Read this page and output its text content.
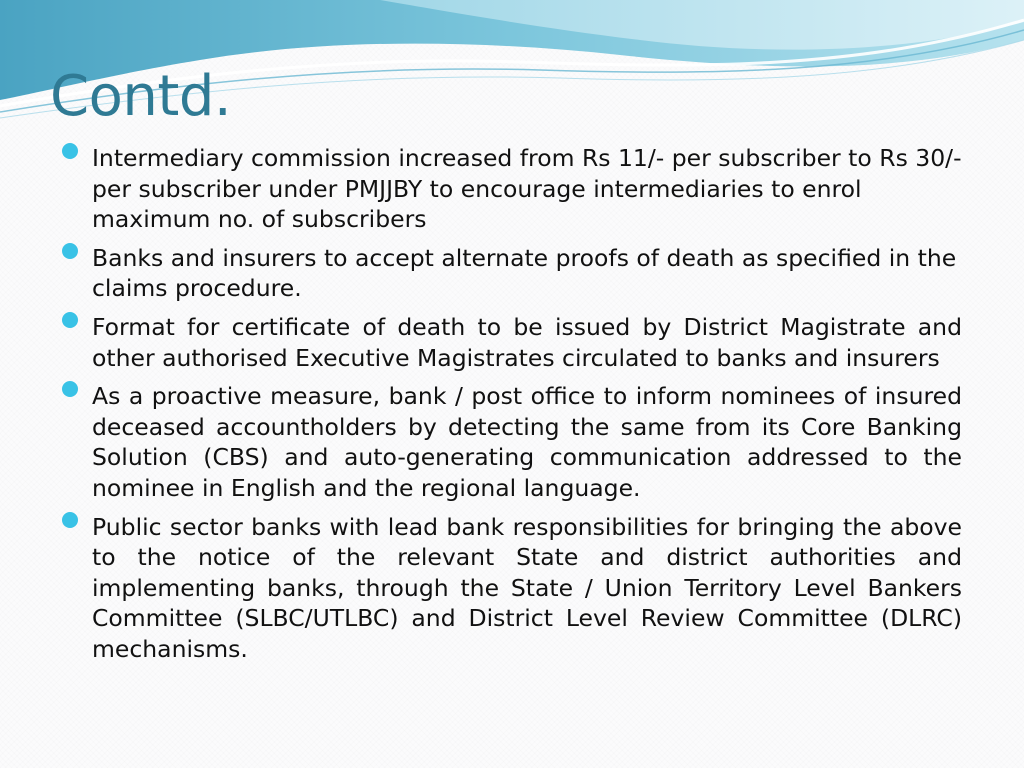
Contd.
Intermediary commission increased from Rs 11/- per subscriber to Rs 30/- per subscriber under PMJJBY to encourage intermediaries to enrol maximum no. of subscribers
Banks and insurers to accept alternate proofs of death as specified in the claims procedure.
Format for certificate of death to be issued by District Magistrate and other authorised Executive Magistrates circulated to banks and insurers
As a proactive measure, bank / post office to inform nominees of insured deceased accountholders by detecting the same from its Core Banking Solution (CBS) and auto-generating communication addressed to the nominee in English and the regional language.
Public sector banks with lead bank responsibilities for bringing the above to the notice of the relevant State and district authorities and implementing banks, through the State / Union Territory Level Bankers Committee (SLBC/UTLBC) and District Level Review Committee (DLRC) mechanisms.
